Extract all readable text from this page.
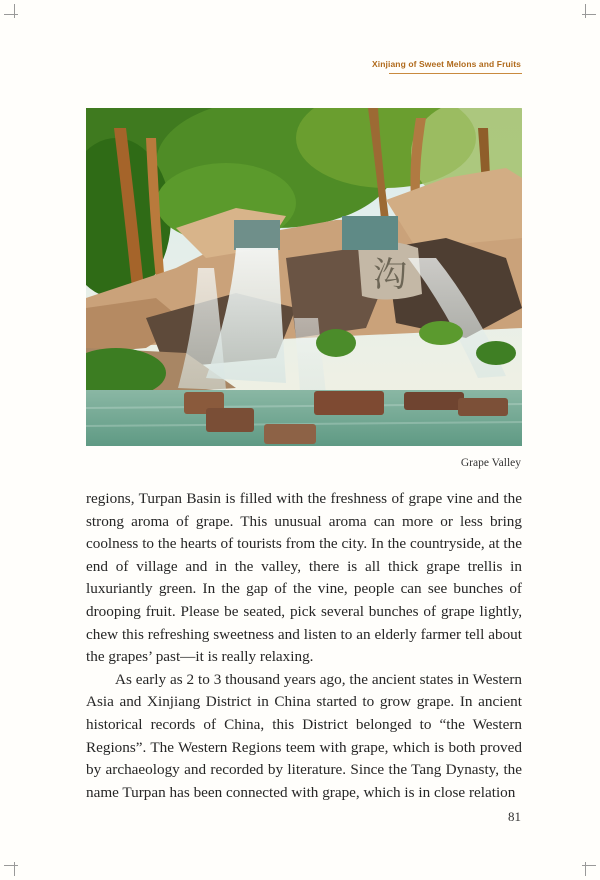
Xinjiang of Sweet Melons and Fruits
沟
Grape Valley

regions, Turpan Basin is filled with the freshness of grape vine and the strong aroma of grape. This unusual aroma can more or less bring coolness to the hearts of tourists from the city. In the countryside, at the end of village and in the valley, there is all thick grape trellis in luxuriantly green. In the gap of the vine, people can see bunches of drooping fruit. Please be seated, pick several bunches of grape lightly, chew this refreshing sweetness and listen to an elderly farmer tell about the grapes’ past—it is really relaxing.

As early as 2 to 3 thousand years ago, the ancient states in Western Asia and Xinjiang District in China started to grow grape. In ancient historical records of China, this District belonged to “the Western Regions”. The Western Regions teem with grape, which is both proved by archaeology and recorded by literature. Since the Tang Dynasty, the name Turpan has been connected with grape, which is in close relation

81
